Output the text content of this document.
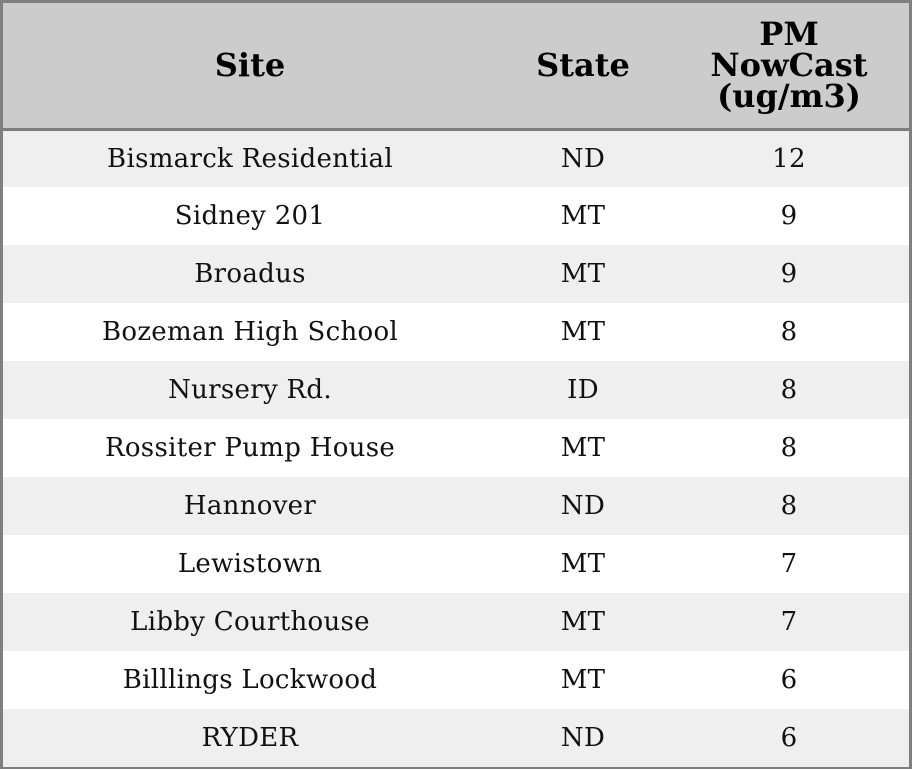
Site	State	PM
NowCast
(ug/m3)

Bismarck Residential	ND	12
Sidney 201	MT	9
Broadus	MT	9
Bozeman High School	MT	8
Nursery Rd.	ID	8
Rossiter Pump House	MT	8
Hannover	ND	8
Lewistown	MT	7
Libby Courthouse	MT	7
Billlings Lockwood	MT	6
RYDER	ND	6
